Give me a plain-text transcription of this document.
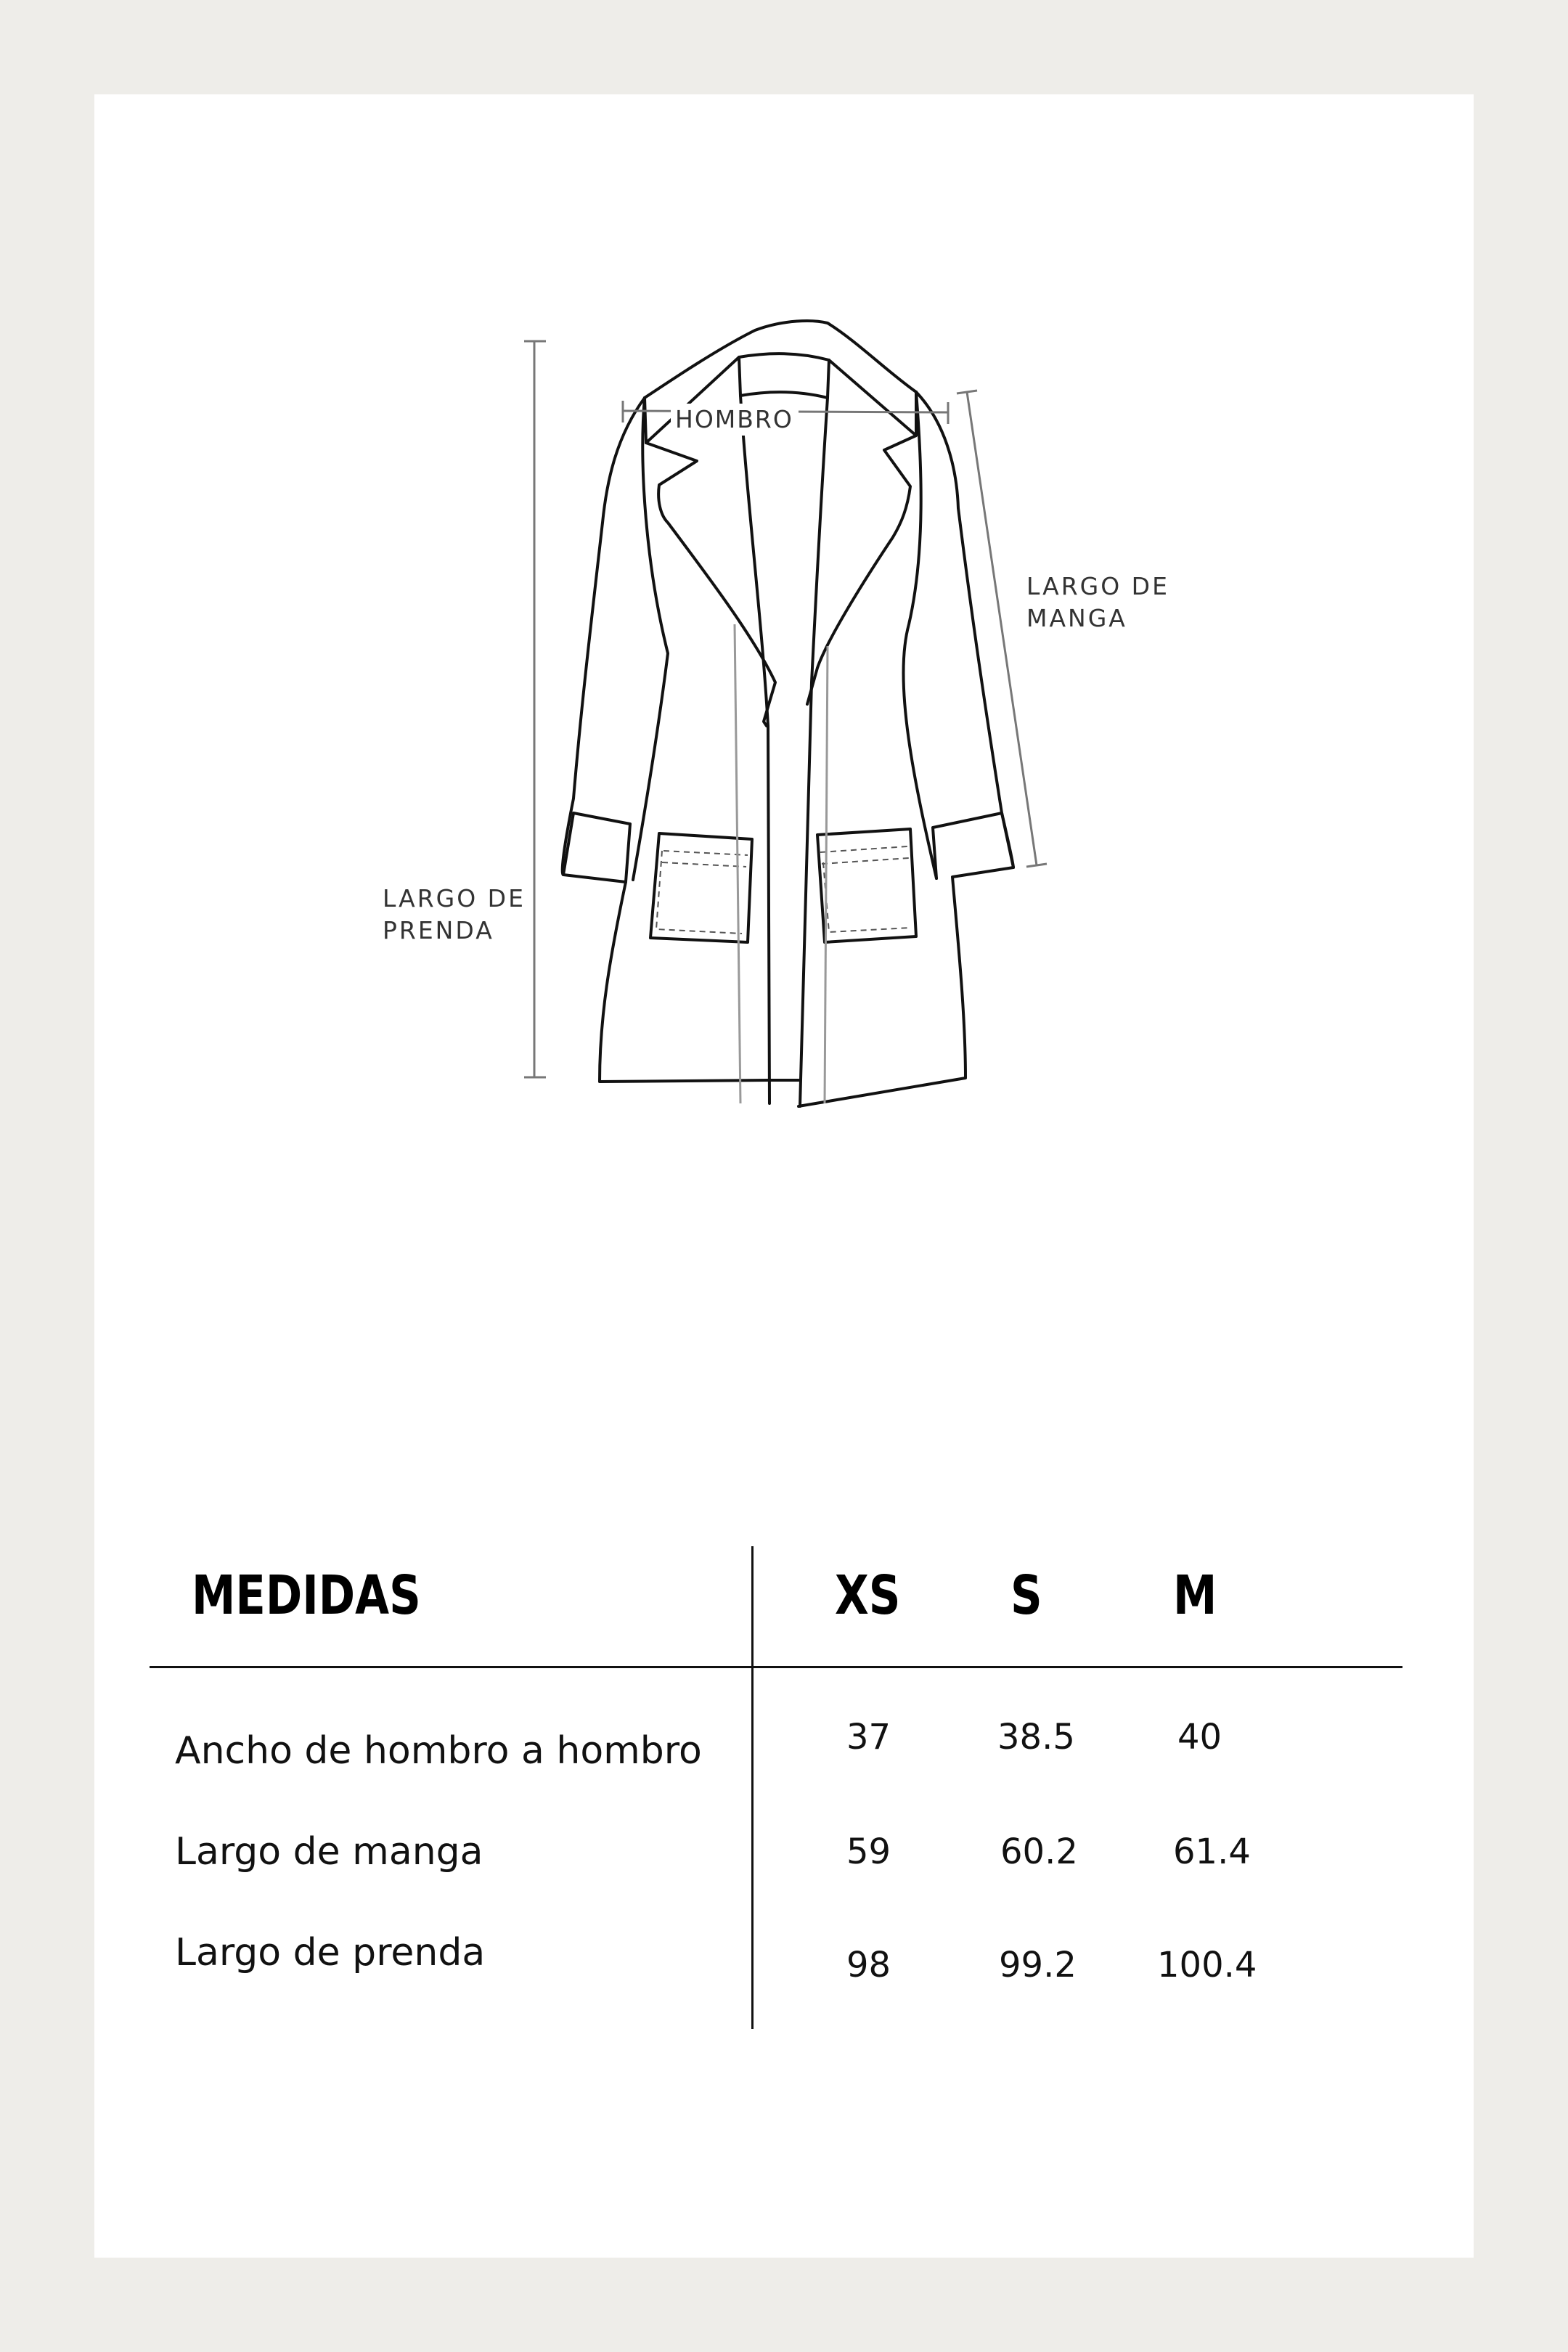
HOMBRO
LARGO DE
MANGA
LARGO DE
PRENDA
MEDIDAS	XS S M
Ancho de hombro a hombro	37	38.5	40
Largo de manga	59	60.2	61.4
Largo de prenda	98	99.2 100.4
